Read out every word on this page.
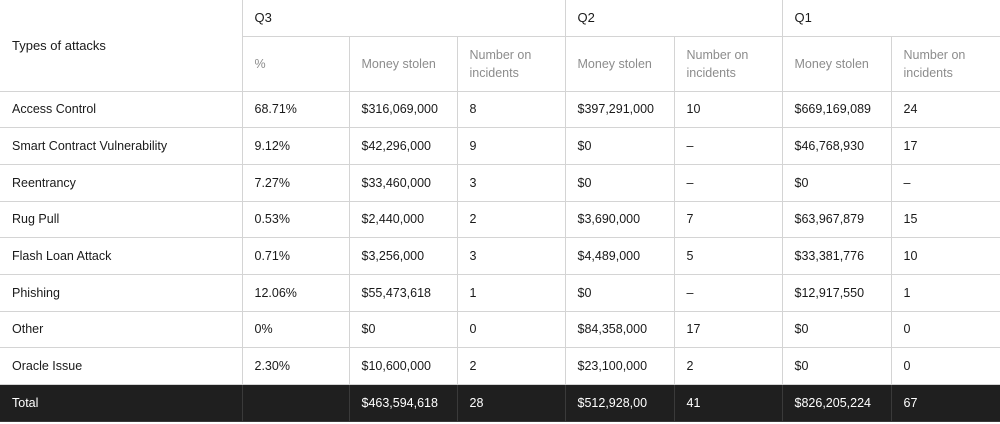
Types of attacks	Q3			Q2		Q1	
	%	Money stolen	Number on incidents	Money stolen	Number on incidents	Money stolen	Number on incidents
Access Control	68.71%	$316,069,000	8	$397,291,000	10	$669,169,089	24
Smart Contract Vulnerability	9.12%	$42,296,000	9	$0	–	$46,768,930	17
Reentrancy	7.27%	$33,460,000	3	$0	–	$0	–
Rug Pull	0.53%	$2,440,000	2	$3,690,000	7	$63,967,879	15
Flash Loan Attack	0.71%	$3,256,000	3	$4,489,000	5	$33,381,776	10
Phishing	12.06%	$55,473,618	1	$0	–	$12,917,550	1
Other	0%	$0	0	$84,358,000	17	$0	0
Oracle Issue	2.30%	$10,600,000	2	$23,100,000	2	$0	0
Total		$463,594,618	28	$512,928,00	41	$826,205,224	67
